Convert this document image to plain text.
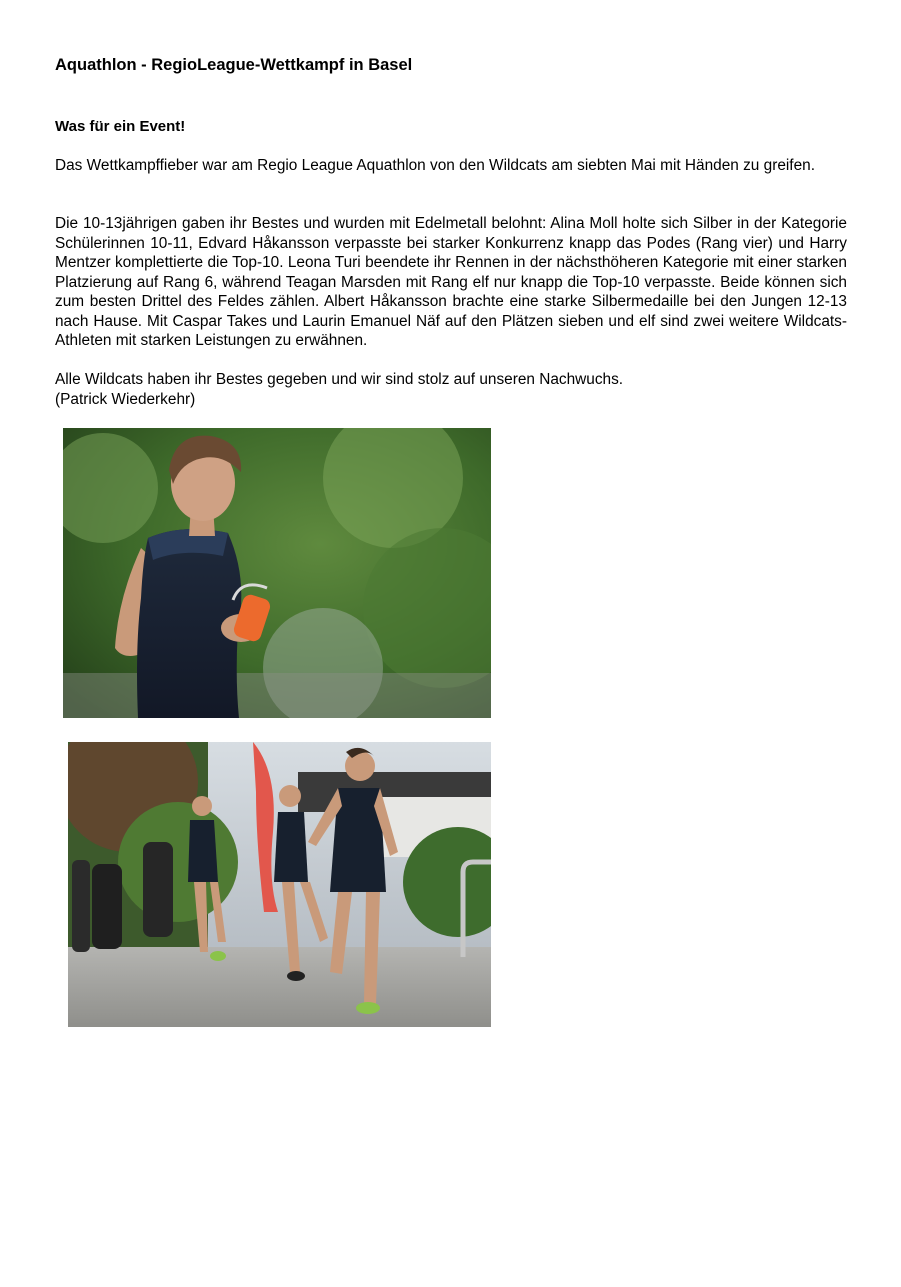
Aquathlon - RegioLeague-Wettkampf in Basel
Was für ein Event!

Das Wettkampffieber war am Regio League Aquathlon von den Wildcats am siebten Mai mit Händen zu greifen.

Die 10-13jährigen gaben ihr Bestes und wurden mit Edelmetall belohnt: Alina Moll holte sich Silber in der Kategorie Schülerinnen 10-11, Edvard Håkansson verpasste bei starker Konkurrenz knapp das Podes (Rang vier) und Harry Mentzer komplettierte die Top-10. Leona Turi beendete ihr Rennen in der nächsthöheren Kategorie mit einer starken Platzierung auf Rang 6, während Teagan Marsden mit Rang elf nur knapp die Top-10 verpasste. Beide können sich zum besten Drittel des Feldes zählen. Albert Håkansson brachte eine starke Silbermedaille bei den Jungen 12-13 nach Hause. Mit Caspar Takes und Laurin Emanuel Näf auf den Plätzen sieben und elf sind zwei weitere Wildcats-Athleten mit starken Leistungen zu erwähnen.

Alle Wildcats haben ihr Bestes gegeben und wir sind stolz auf unseren Nachwuchs.
(Patrick Wiederkehr)
